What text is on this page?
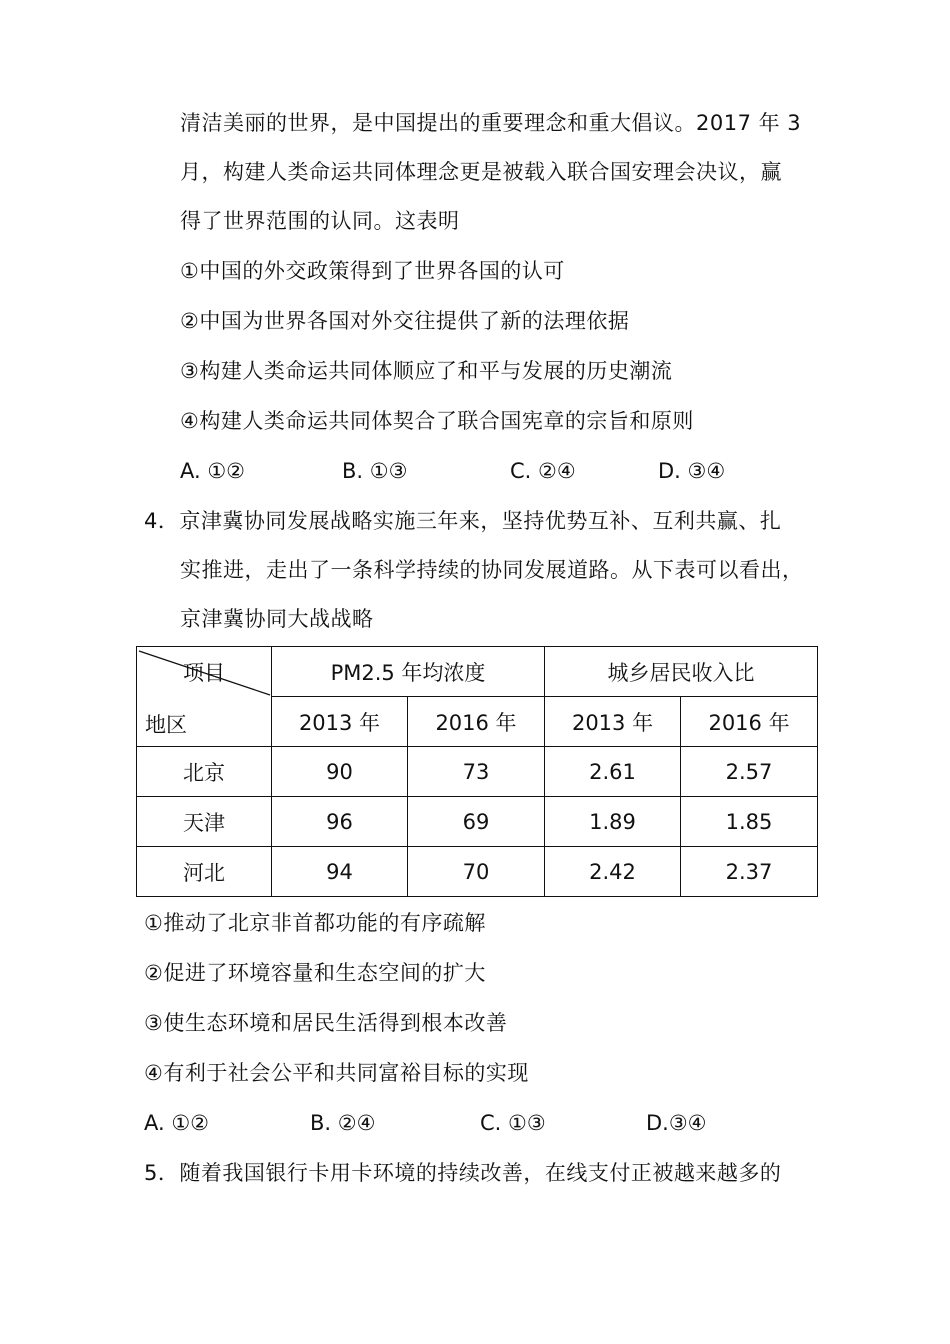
清洁美丽的世界，是中国提出的重要理念和重大倡议。2017 年 3
月，构建人类命运共同体理念更是被载入联合国安理会决议，赢
得了世界范围的认同。这表明
①中国的外交政策得到了世界各国的认可
②中国为世界各国对外交往提供了新的法理依据
③构建人类命运共同体顺应了和平与发展的历史潮流
④构建人类命运共同体契合了联合国宪章的宗旨和原则
A. ①②	B. ①③	C. ②④	D. ③④
4．京津冀协同发展战略实施三年来，坚持优势互补、互利共赢、扎
实推进，走出了一条科学持续的协同发展道路。从下表可以看出，
京津冀协同大战战略
项目
地区	PM2.5 年均浓度		城乡居民收入比	
	2013 年	2016 年	2013 年	2016 年
北京	90	73	2.61	2.57
天津	96	69	1.89	1.85
河北	94	70	2.42	2.37
①推动了北京非首都功能的有序疏解
②促进了环境容量和生态空间的扩大
③使生态环境和居民生活得到根本改善
④有利于社会公平和共同富裕目标的实现
A. ①②	B. ②④	C. ①③	D.③④
5．随着我国银行卡用卡环境的持续改善，在线支付正被越来越多的
